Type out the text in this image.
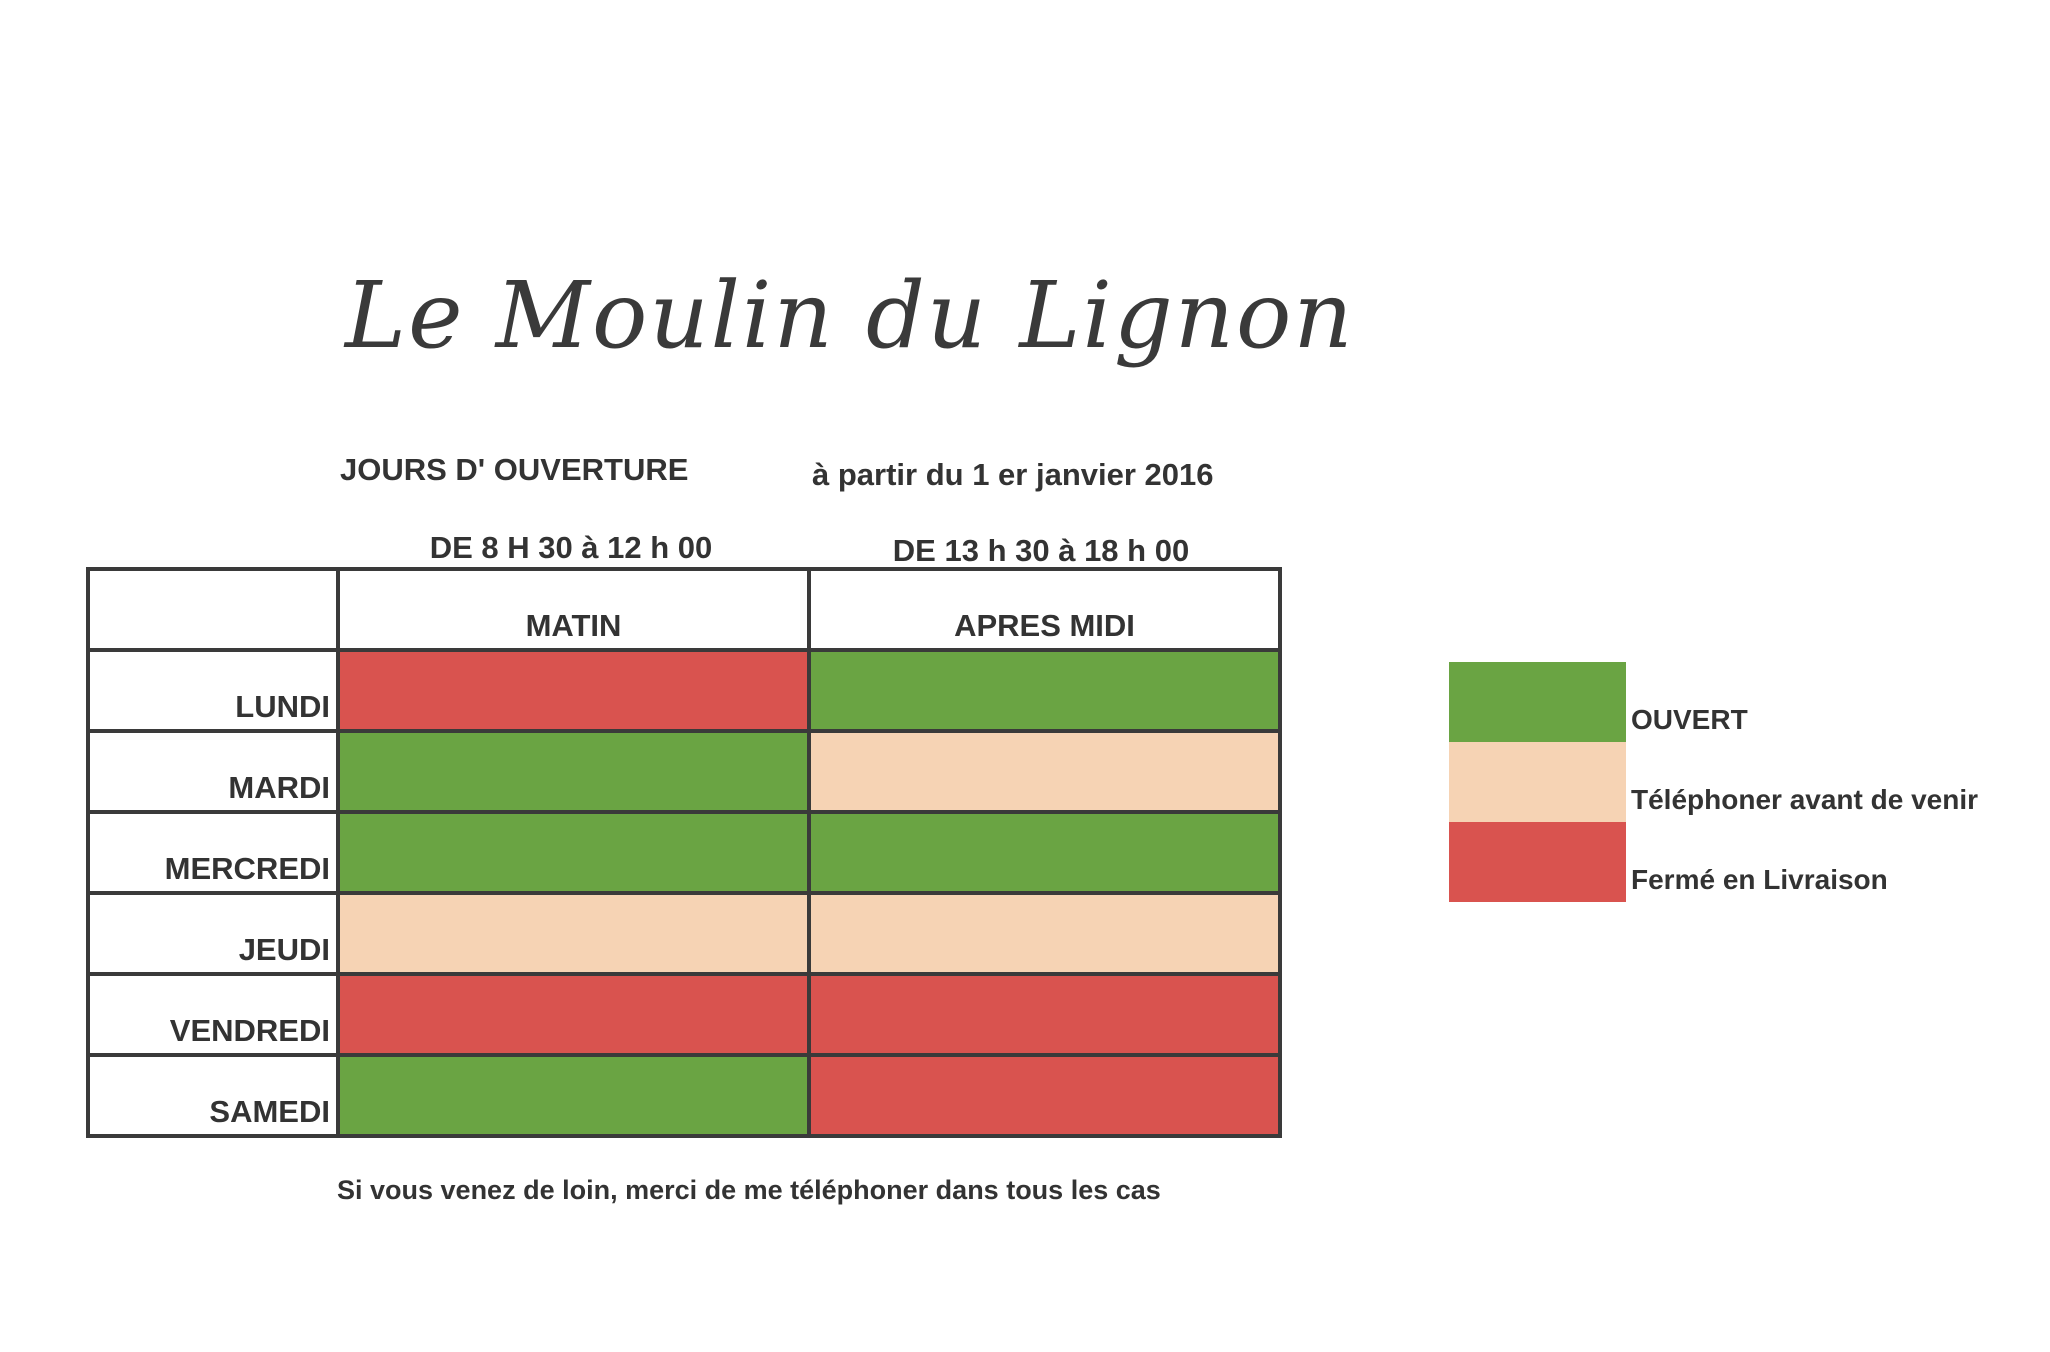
Le Moulin du Lignon
JOURS D' OUVERTURE	à partir du 1 er janvier 2016
DE 8 H 30 à 12 h 00	DE 13 h 30 à 18 h 00
	MATIN	APRES MIDI
LUNDI		
MARDI		
MERCREDI		
JEUDI		
VENDREDI		
SAMEDI		
OUVERT
Téléphoner avant de venir
Fermé en Livraison
Si vous venez de loin, merci de me téléphoner dans tous les cas
